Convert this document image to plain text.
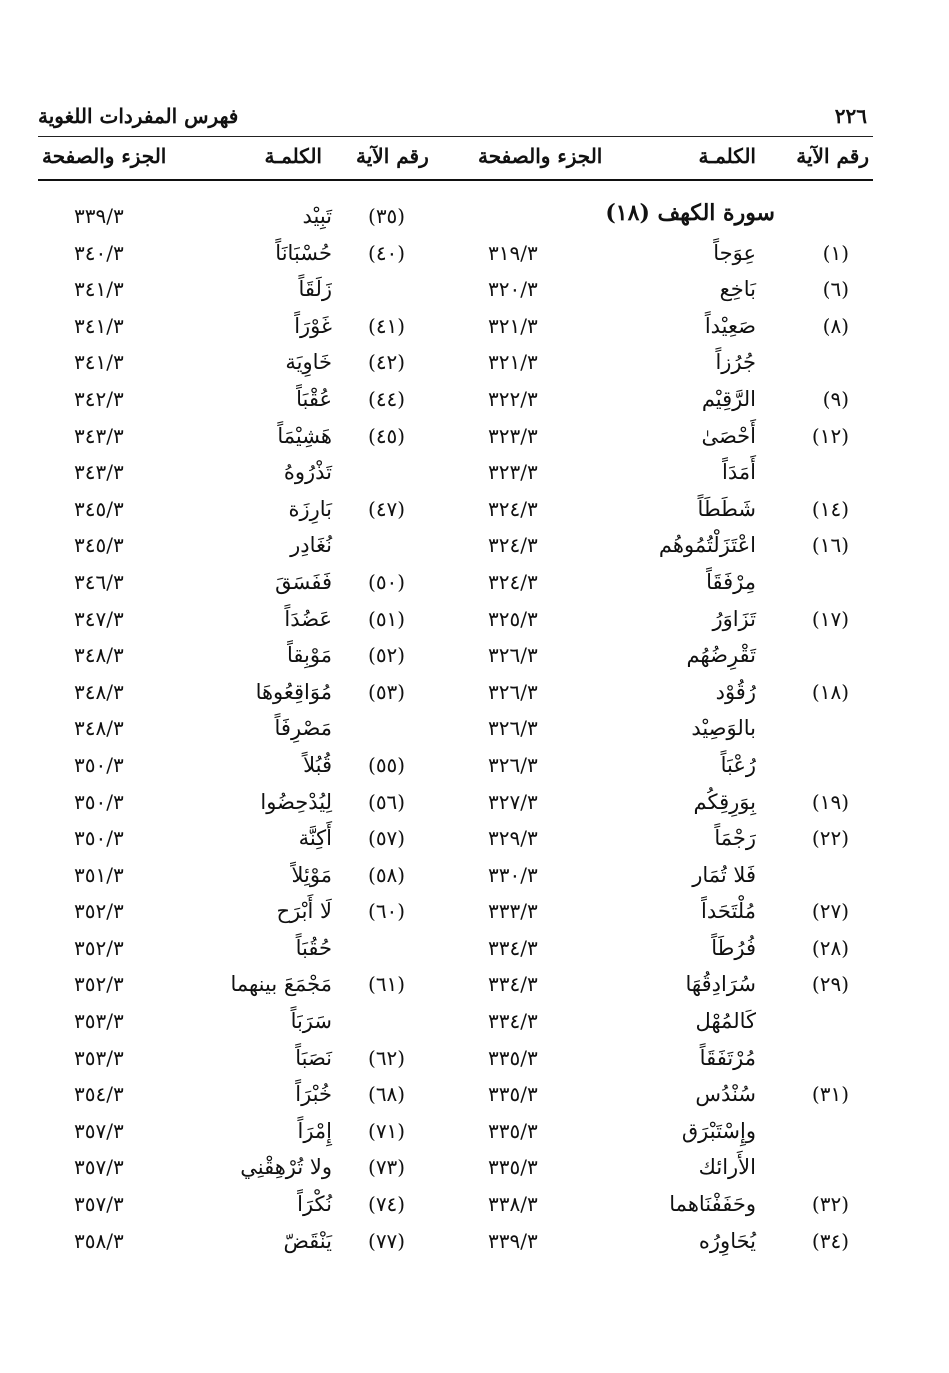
٢٢٦
فهرس المفردات اللغوية
رقم الآية
الكلمـة
الجزء والصفحة
رقم الآية
الكلمـة
الجزء والصفحة
سورة الكهف (١٨)
(٣٥)
تَبِيْد
٣٣٩/٣
(١)
عِوَجاً
٣١٩/٣
(٤٠)
حُسْبَانَاً
٣٤٠/٣
(٦)
بَاخِع
٣٢٠/٣
زَلَقَاً
٣٤١/٣
(٨)
صَعِيْداً
٣٢١/٣
(٤١)
غَوْرَاً
٣٤١/٣
جُرُزاً
٣٢١/٣
(٤٢)
خَاوِيَة
٣٤١/٣
(٩)
الرَّقِيْم
٣٢٢/٣
(٤٤)
عُقْبَاً
٣٤٢/٣
(١٢)
أَحْصَىٰ
٣٢٣/٣
(٤٥)
هَشِيْمَاً
٣٤٣/٣
أَمَدَاً
٣٢٣/٣
تَذْرُوهُ
٣٤٣/٣
(١٤)
شَطَطَاً
٣٢٤/٣
(٤٧)
بَارِزَة
٣٤٥/٣
(١٦)
اعْتَزَلْتُمُوهُم
٣٢٤/٣
نُغَادِر
٣٤٥/٣
مِرْفَقَاً
٣٢٤/٣
(٥٠)
فَفَسَقَ
٣٤٦/٣
(١٧)
تَزَاوَرُ
٣٢٥/٣
(٥١)
عَضُدَاً
٣٤٧/٣
تَقْرِضُهُم
٣٢٦/٣
(٥٢)
مَوْبِقاً
٣٤٨/٣
(١٨)
رُقُوْد
٣٢٦/٣
(٥٣)
مُوَاقِعُوهَا
٣٤٨/٣
بالوَصِيْد
٣٢٦/٣
مَصْرِفَاً
٣٤٨/٣
رُعْبَاً
٣٢٦/٣
(٥٥)
قُبُلاً
٣٥٠/٣
(١٩)
بِوَرِقِكُم
٣٢٧/٣
(٥٦)
لِيُدْحِضُوا
٣٥٠/٣
(٢٢)
رَجْمَاً
٣٢٩/٣
(٥٧)
أَكِنَّة
٣٥٠/٣
فَلا تُمَار
٣٣٠/٣
(٥٨)
مَوْئِلاً
٣٥١/٣
(٢٧)
مُلْتَحَداً
٣٣٣/٣
(٦٠)
لَا أَبْرَح
٣٥٢/٣
(٢٨)
فُرُطَاً
٣٣٤/٣
حُقُبَاً
٣٥٢/٣
(٢٩)
سُرَادِقُهَا
٣٣٤/٣
(٦١)
مَجْمَعَ بينهما
٣٥٢/٣
كَالمُهْل
٣٣٤/٣
سَرَبَاً
٣٥٣/٣
مُرْتَفَقَاً
٣٣٥/٣
(٦٢)
نَصَبَاً
٣٥٣/٣
(٣١)
سُنْدُس
٣٣٥/٣
(٦٨)
خُبْرَاً
٣٥٤/٣
وإِسْتَبْرَق
٣٣٥/٣
(٧١)
إِمْرَاً
٣٥٧/٣
الأَرائك
٣٣٥/٣
(٧٣)
ولا تُرْهِقْنِي
٣٥٧/٣
(٣٢)
وحَفَفْنَاهما
٣٣٨/٣
(٧٤)
نُكْرَاً
٣٥٧/٣
(٣٤)
يُحَاوِرُه
٣٣٩/٣
(٧٧)
يَنْقَضّ
٣٥٨/٣
